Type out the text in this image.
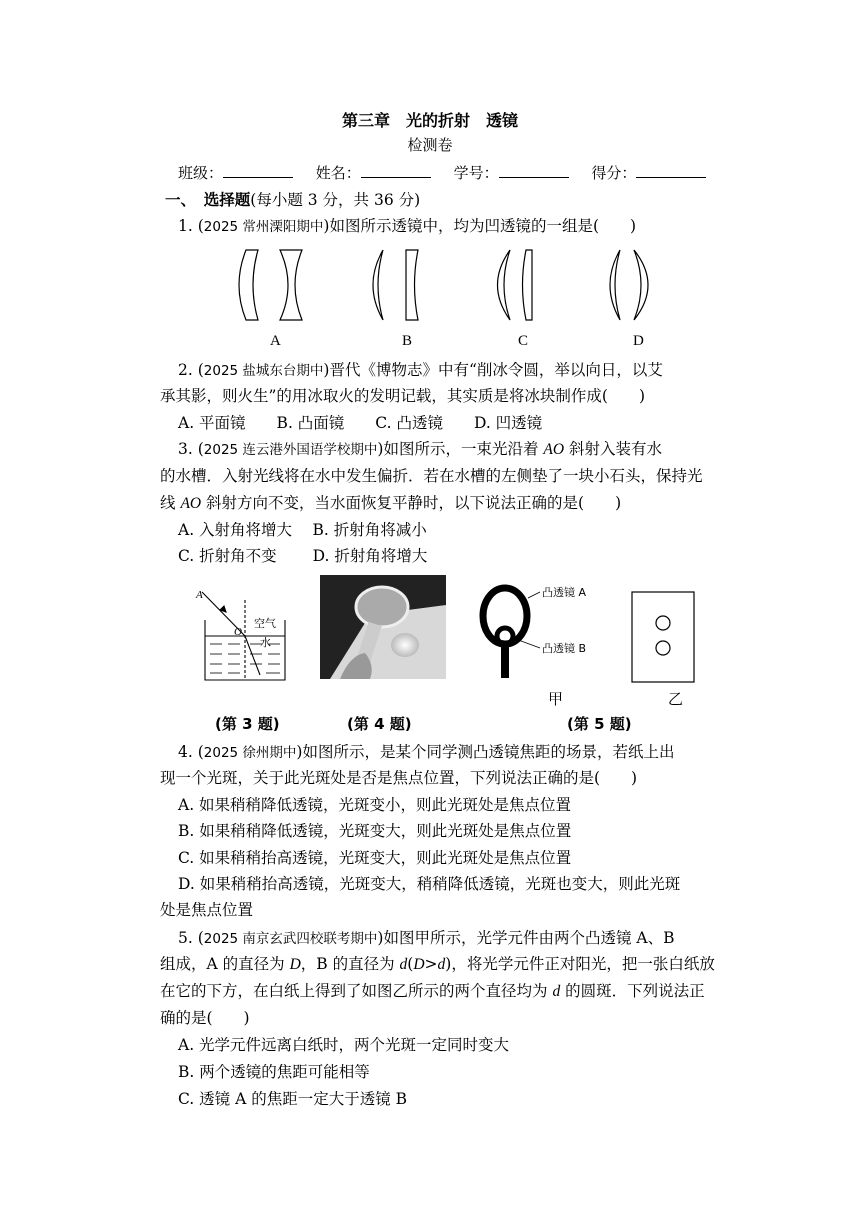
第三章　光的折射　透镜
检测卷
班级：	姓名：	学号：	得分：
一、　选择题(每小题 3 分，共 36 分)
1. (2025 常州溧阳期中)如图所示透镜中，均为凹透镜的一组是(　　)
A	B	C	D
2. (2025 盐城东台期中)晋代《博物志》中有“削冰令圆，举以向日，以艾
承其影，则火生”的用冰取火的发明记载，其实质是将冰块制作成(　　)
A. 平面镜　　B. 凸面镜　　C. 凸透镜　　D. 凹透镜
3. (2025 连云港外国语学校期中)如图所示，一束光沿着 AO 斜射入装有水
的水槽．入射光线将在水中发生偏折．若在水槽的左侧垫了一块小石头，保持光
线 AO 斜射方向不变，当水面恢复平静时，以下说法正确的是(　　)
A. 入射角将增大　 B. 折射角将减小
C. 折射角不变　　 D. 折射角将增大
A
O
空气
水
凸透镜 A
凸透镜 B
甲	乙
(第 3 题)	(第 4 题)	(第 5 题)
4. (2025 徐州期中)如图所示，是某个同学测凸透镜焦距的场景，若纸上出
现一个光斑，关于此光斑处是否是焦点位置，下列说法正确的是(　　)
A. 如果稍稍降低透镜，光斑变小，则此光斑处是焦点位置
B. 如果稍稍降低透镜，光斑变大，则此光斑处是焦点位置
C. 如果稍稍抬高透镜，光斑变大，则此光斑处是焦点位置
D. 如果稍稍抬高透镜，光斑变大，稍稍降低透镜，光斑也变大，则此光斑
处是焦点位置
5. (2025 南京玄武四校联考期中)如图甲所示，光学元件由两个凸透镜 A、B
组成，A 的直径为 D，B 的直径为 d(D>d)，将光学元件正对阳光，把一张白纸放
在它的下方，在白纸上得到了如图乙所示的两个直径均为 d 的圆斑．下列说法正
确的是(　　)
A. 光学元件远离白纸时，两个光斑一定同时变大
B. 两个透镜的焦距可能相等
C. 透镜 A 的焦距一定大于透镜 B
